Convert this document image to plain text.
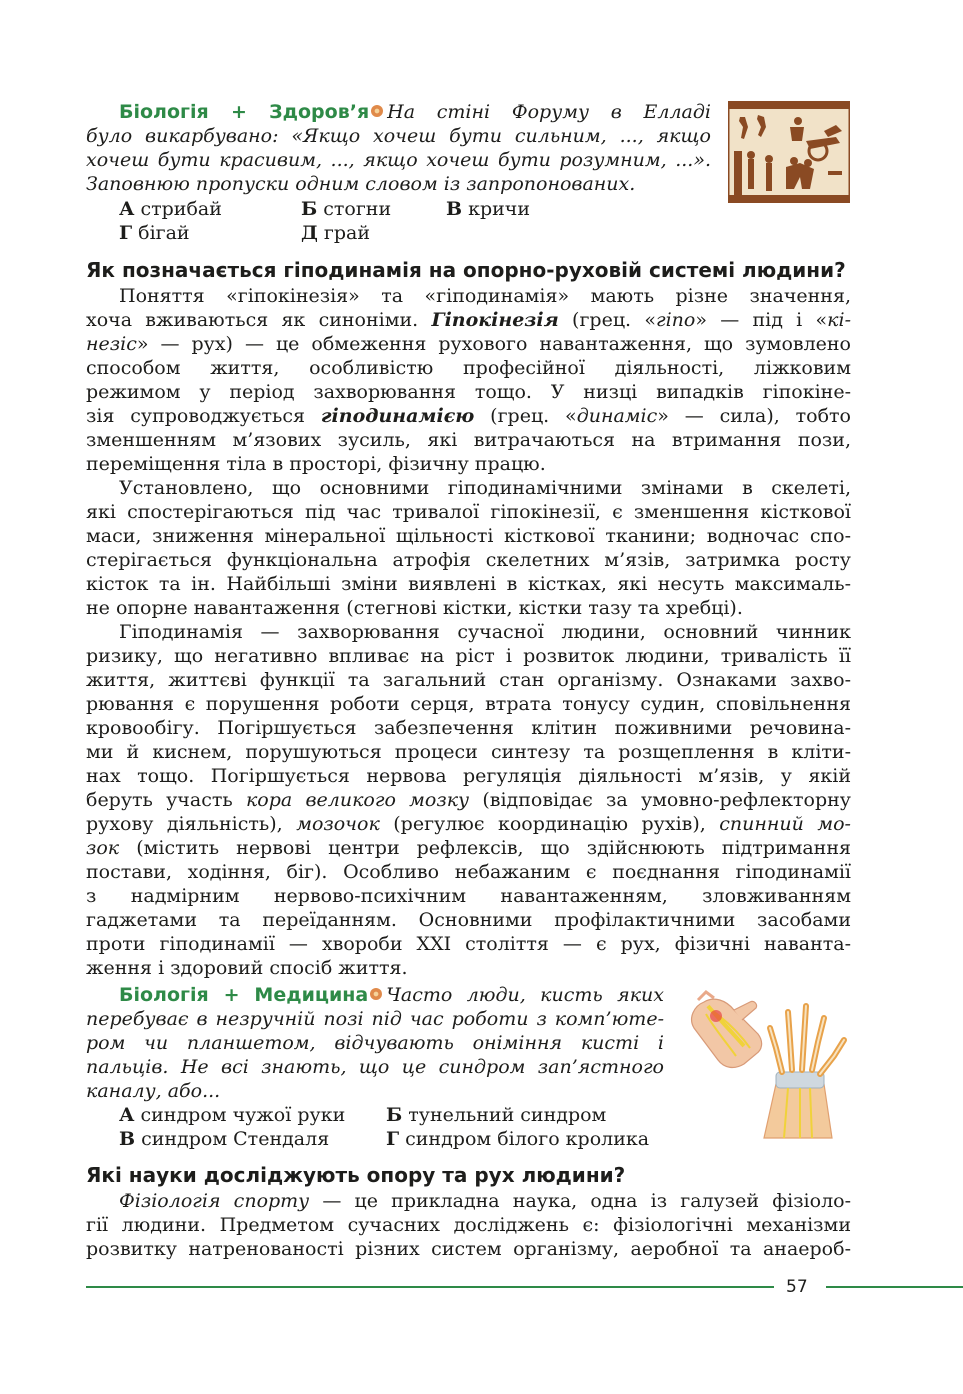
Біологія + Здоров’я На стіні Форуму в Елладі
було викарбувано: «Якщо хочеш бути сильним, ..., якщо
хочеш бути красивим, ..., якщо хочеш бути розумним, ...».
Заповнюю пропуски одним словом із запропонованих.
А стрибай	Б стогни	В кричи
Г бігай	Д грай
Як позначається гіподинамія на опорно-руховій системі людини?
Поняття «гіпокінезія» та «гіподинамія» мають різне значення,
хоча вживаються як синоніми. Гіпокінезія (грец. «гіпо» — під і «кі-
незіс» — рух) — це обмеження рухового навантаження, що зумовлено
способом життя, особливістю професійної діяльності, ліжковим
режимом у період захворювання тощо. У низці випадків гіпокіне-
зія супроводжується гіподинамією (грец. «динаміс» — сила), тобто
зменшенням м’язових зусиль, які витрачаються на втримання пози,
переміщення тіла в просторі, фізичну працю.
Установлено, що основними гіподинамічними змінами в скелеті,
які спостерігаються під час тривалої гіпокінезії, є зменшення кісткової
маси, зниження мінеральної щільності кісткової тканини; водночас спо-
стерігається функціональна атрофія скелетних м’язів, затримка росту
кісток та ін. Найбільші зміни виявлені в кістках, які несуть максималь-
не опорне навантаження (стегнові кістки, кістки тазу та хребці).
Гіподинамія — захворювання сучасної людини, основний чинник
ризику, що негативно впливає на ріст і розвиток людини, тривалість її
життя, життєві функції та загальний стан організму. Ознаками захво-
рювання є порушення роботи серця, втрата тонусу судин, сповільнення
кровообігу. Погіршується забезпечення клітин поживними речовина-
ми й киснем, порушуються процеси синтезу та розщеплення в кліти-
нах тощо. Погіршується нервова регуляція діяльності м’язів, у якій
беруть участь кора великого мозку (відповідає за умовно-рефлекторну
рухову діяльність), мозочок (регулює координацію рухів), спинний мо-
зок (містить нервові центри рефлексів, що здійснюють підтримання
постави, ходіння, біг). Особливо небажаним є поєднання гіподинамії
з надмірним нервово-психічним навантаженням, зловживанням
гаджетами та переїданням. Основними профілактичними засобами
проти гіподинамії — хвороби XXI століття — є рух, фізичні наванта-
ження і здоровий спосіб життя.
Біологія + Медицина Часто люди, кисть яких
перебуває в незручній позі під час роботи з комп’ютe-
ром чи планшетом, відчувають оніміння кисті і
пальців. Не всі знають, що це синдром зап’ястного
каналу, або...
А синдром чужої руки Б тунельний синдром
В синдром Стендаля	Г синдром білого кролика
Які науки досліджують опору та рух людини?
Фізіологія спорту — це прикладна наука, одна із галузей фізіоло-
гії людини. Предметом сучасних досліджень є: фізіологічні механізми
розвитку натренованості різних систем організму, аеробної та анаероб-
57
